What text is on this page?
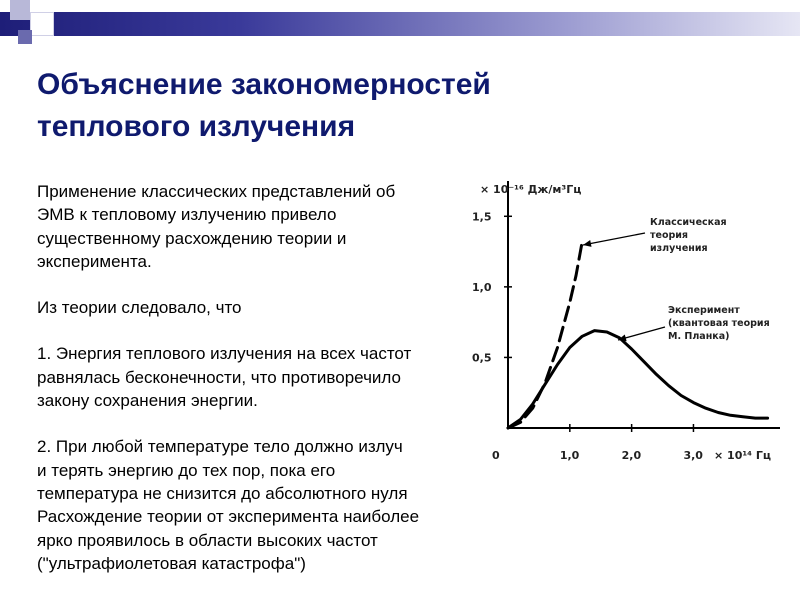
Объяснение закономерностей
теплового излучения

Применение классических представлений об

ЭМВ к тепловому излучению привело

существенному расхождению теории и

эксперимента.

Из теории следовало, что

1. Энергия теплового излучения на всех частот

равнялась бесконечности, что противоречило

закону сохранения энергии.

2. При любой температуре тело должно излуч

и терять энергию до тех пор, пока его

температура не снизится до абсолютного нуля

Расхождение теории от эксперимента наиболее

ярко проявилось в области высоких частот

("ультрафиолетовая катастрофа")

× 10⁻¹⁶ Дж/м³Гц
× 10¹⁴ Гц
0	1,0	2,0	3,0
0,5
1,0
1,5	Классическая
теория
излучения
Эксперимент
(квантовая теория
М. Планка)
